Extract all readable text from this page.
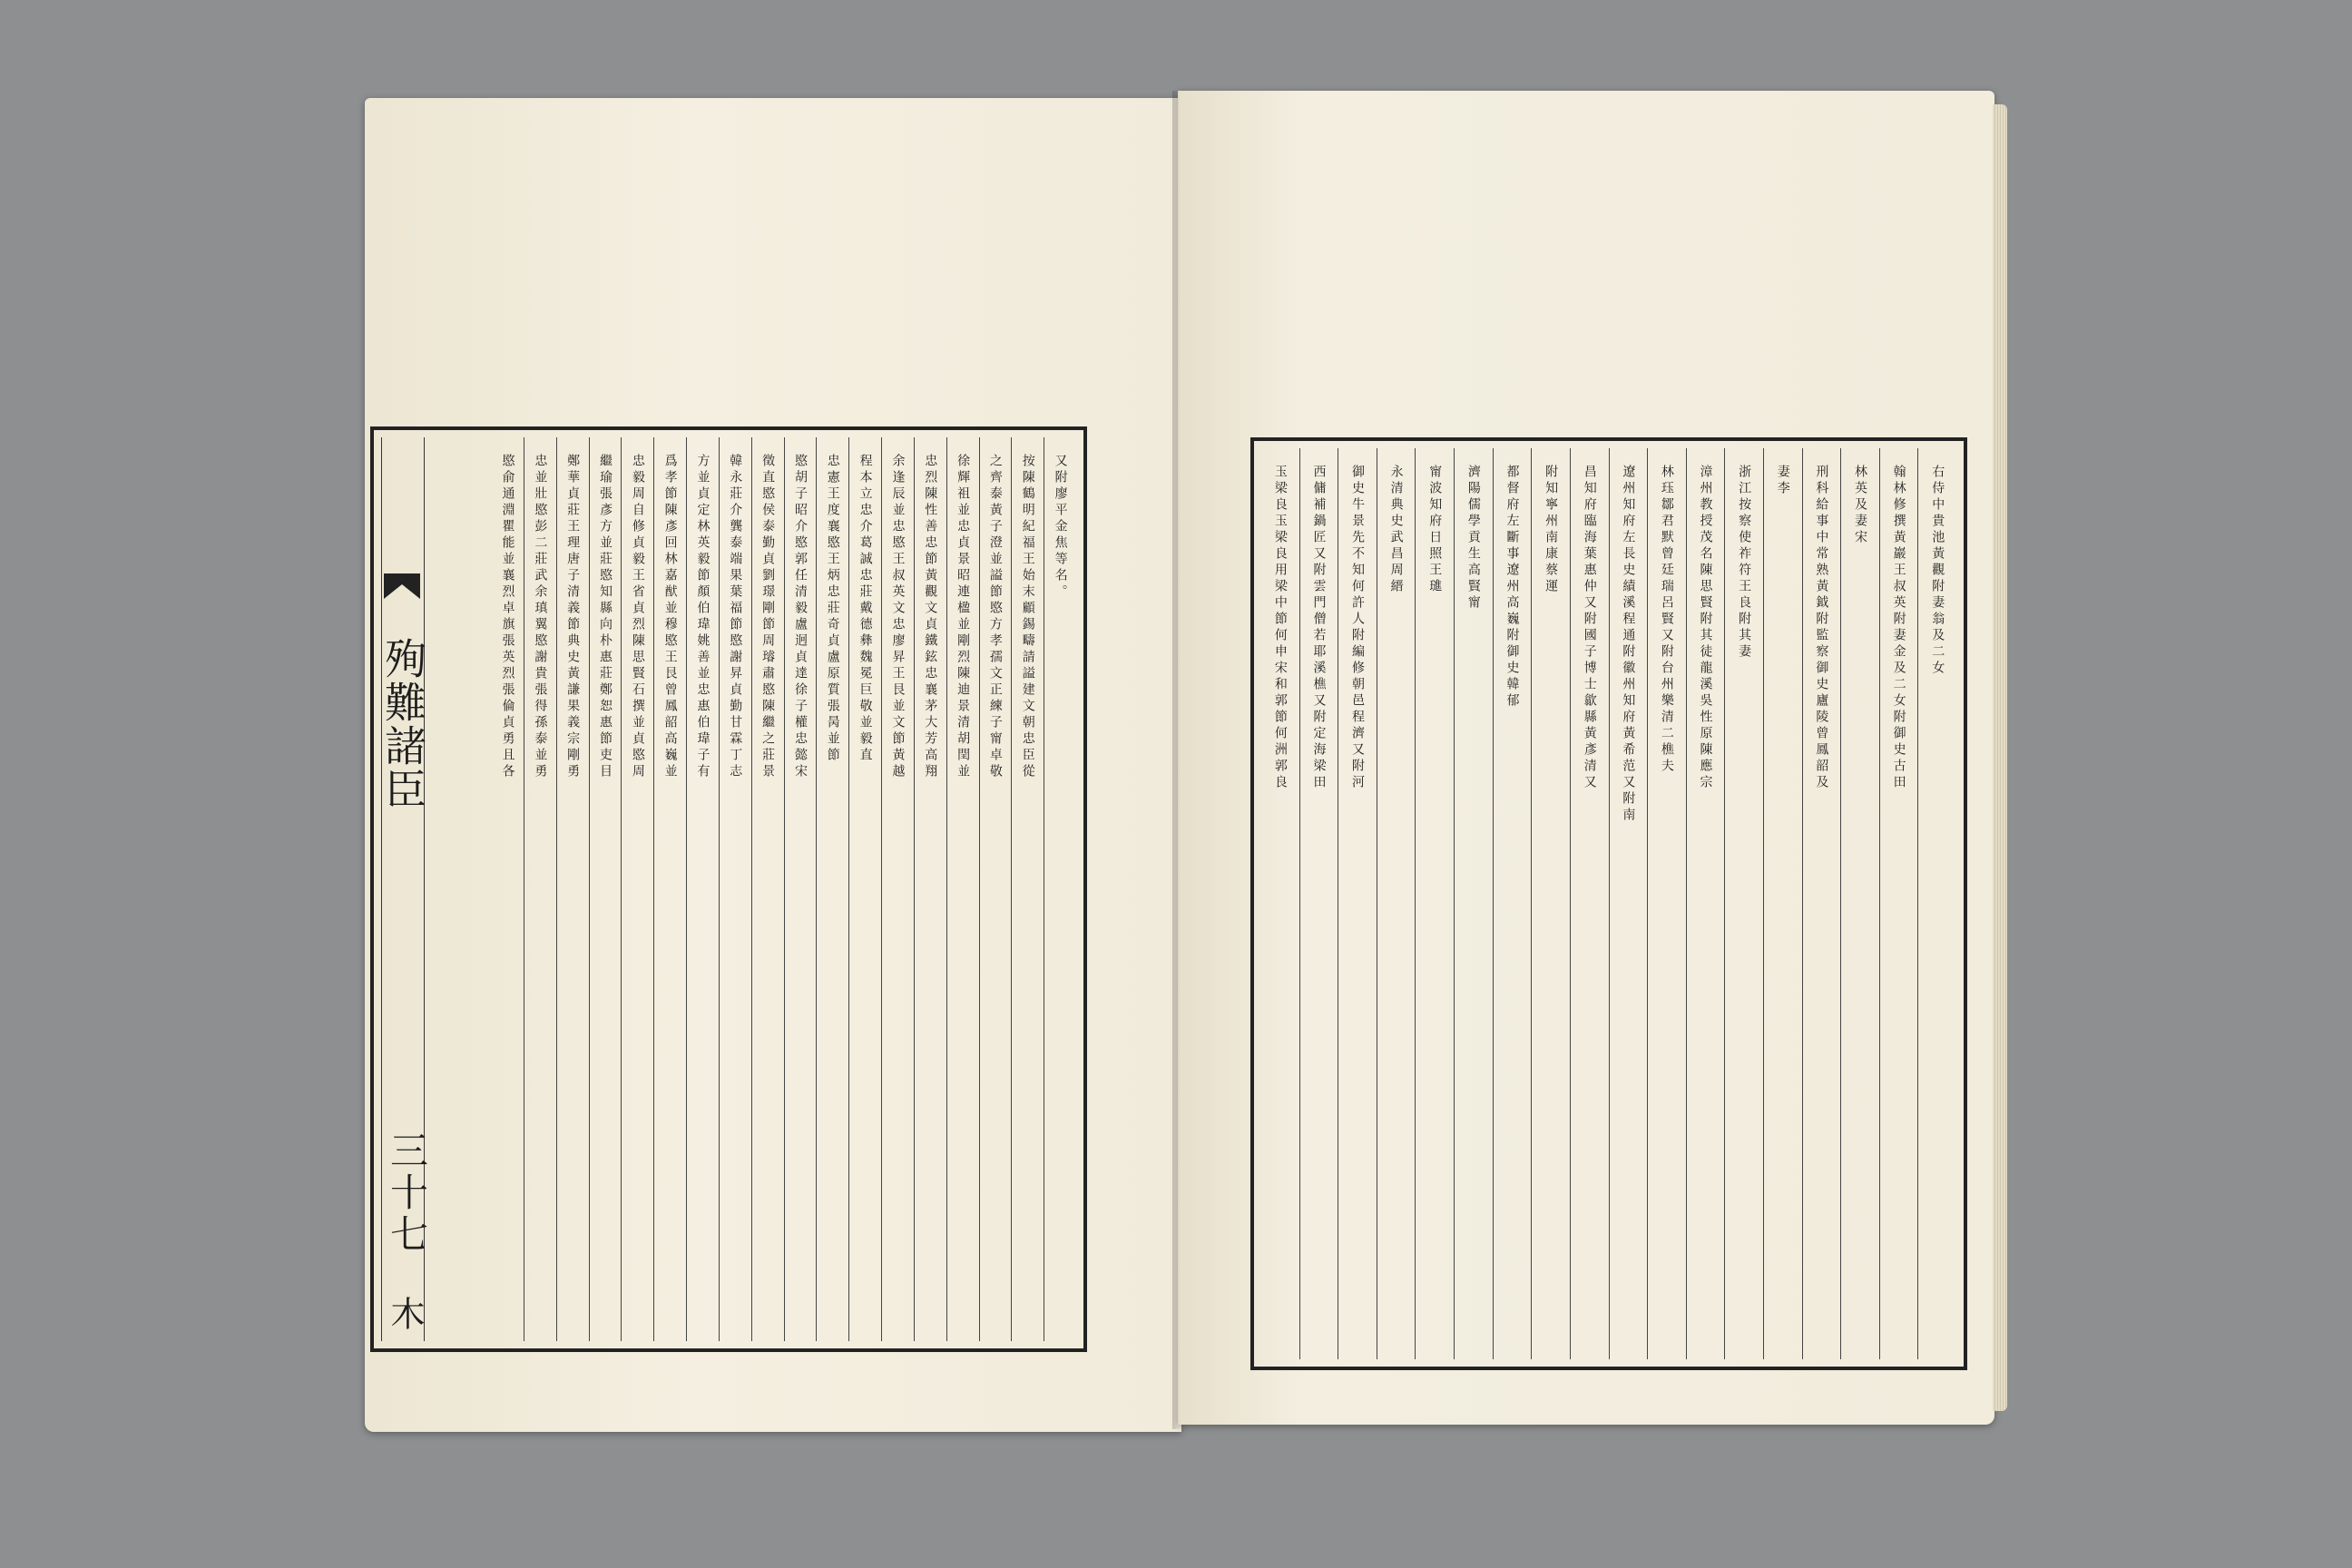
殉難諸臣
三十七
木
又附廖平金焦等名。
按陳鶴明紀福王始末顧錫疇請謚建文朝忠臣從
之齊泰黃子澄並謚節愍方孝孺文正練子甯卓敬
徐輝祖並忠貞景昭連楹並剛烈陳迪景清胡閏並
忠烈陳性善忠節黃觀文貞鐵鉉忠襄茅大芳高翔
余逢辰並忠愍王叔英文忠廖昇王艮並文節黃越
程本立忠介葛誠忠莊戴德彝魏冕巨敬並毅直
忠憲王度襄愍王炳忠莊奇貞盧原質張昺並節
愍胡子昭介愍郭任清毅盧迥貞達徐子權忠懿宋
徵直愍侯泰勤貞劉璟剛節周璿肅愍陳繼之莊景
韓永莊介龔泰端果葉福節愍謝昇貞勤甘霖丁志
方並貞定林英毅節顏伯瑋姚善並忠惠伯瑋子有
爲孝節陳彥回林嘉猷並穆愍王艮曾鳳韶高巍並
忠毅周自修貞毅王省貞烈陳思賢石撰並貞愍周
繼瑜張彥方並莊愍知縣向朴惠莊鄭恕惠節吏目
鄭華貞莊王理唐子清義節典史黃謙果義宗剛勇
忠並壯愍彭二莊武余瑱翼愍謝貴張得孫泰並勇
愍俞通淵瞿能並襄烈卓旗張英烈張倫貞勇且各	右侍中貴池黃觀附妻翁及二女
翰林修撰黃巖王叔英附妻金及二女附御史古田
林英及妻宋
刑科給事中常熟黃鉞附監察御史廬陵曾鳳韶及
妻李
浙江按察使祚符王良附其妻
漳州教授茂名陳思賢附其徒龍溪吳性原陳應宗
林珏鄒君默曾廷瑞呂賢又附台州樂清二樵夫
遼州知府左長史績溪程通附徽州知府黃希范又附南
昌知府臨海葉惠仲又附國子博士歙縣黃彥清又
附知寧州南康蔡運
都督府左斷事遼州高巍附御史韓郁
濟陽儒學貢生高賢甯
甯波知府日照王璡
永清典史武昌周縉
御史牛景先不知何許人附編修朝邑程濟又附河
西傭補鍋匠又附雲門僧若耶溪樵又附定海梁田
玉梁良玉梁良用梁中節何申宋和郭節何洲郭良
